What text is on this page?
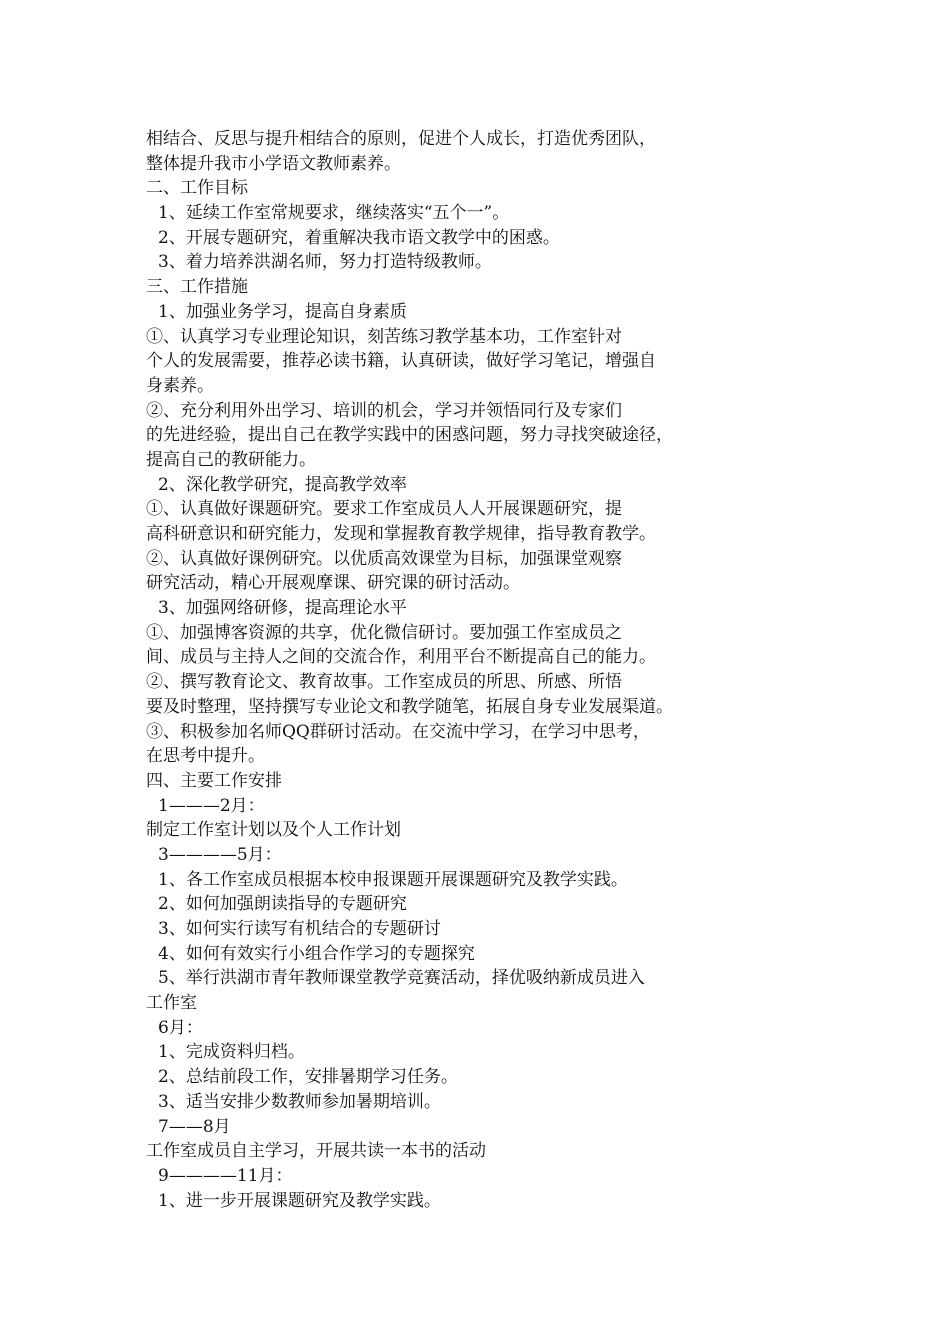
相结合、反思与提升相结合的原则，促进个人成长，打造优秀团队，
整体提升我市小学语文教师素养。
二、工作目标
1、延续工作室常规要求，继续落实“五个一”。
2、开展专题研究，着重解决我市语文教学中的困惑。
3、着力培养洪湖名师，努力打造特级教师。
三、工作措施
1、加强业务学习，提高自身素质
①、认真学习专业理论知识，刻苦练习教学基本功，工作室针对
个人的发展需要，推荐必读书籍，认真研读，做好学习笔记，增强自
身素养。
②、充分利用外出学习、培训的机会，学习并领悟同行及专家们
的先进经验，提出自己在教学实践中的困惑问题，努力寻找突破途径，
提高自己的教研能力。
2、深化教学研究，提高教学效率
①、认真做好课题研究。要求工作室成员人人开展课题研究，提
高科研意识和研究能力，发现和掌握教育教学规律，指导教育教学。
②、认真做好课例研究。以优质高效课堂为目标，加强课堂观察
研究活动，精心开展观摩课、研究课的研讨活动。
3、加强网络研修，提高理论水平
①、加强博客资源的共享，优化微信研讨。要加强工作室成员之
间、成员与主持人之间的交流合作，利用平台不断提高自己的能力。
②、撰写教育论文、教育故事。工作室成员的所思、所感、所悟
要及时整理，坚持撰写专业论文和教学随笔，拓展自身专业发展渠道。
③、积极参加名师QQ群研讨活动。在交流中学习，在学习中思考，
在思考中提升。
四、主要工作安排
1———2月：
制定工作室计划以及个人工作计划
3————5月：
1、各工作室成员根据本校申报课题开展课题研究及教学实践。
2、如何加强朗读指导的专题研究
3、如何实行读写有机结合的专题研讨
4、如何有效实行小组合作学习的专题探究
5、举行洪湖市青年教师课堂教学竞赛活动，择优吸纳新成员进入
工作室
6月：
1、完成资料归档。
2、总结前段工作，安排暑期学习任务。
3、适当安排少数教师参加暑期培训。
7——8月
工作室成员自主学习，开展共读一本书的活动
9————11月：
1、进一步开展课题研究及教学实践。
